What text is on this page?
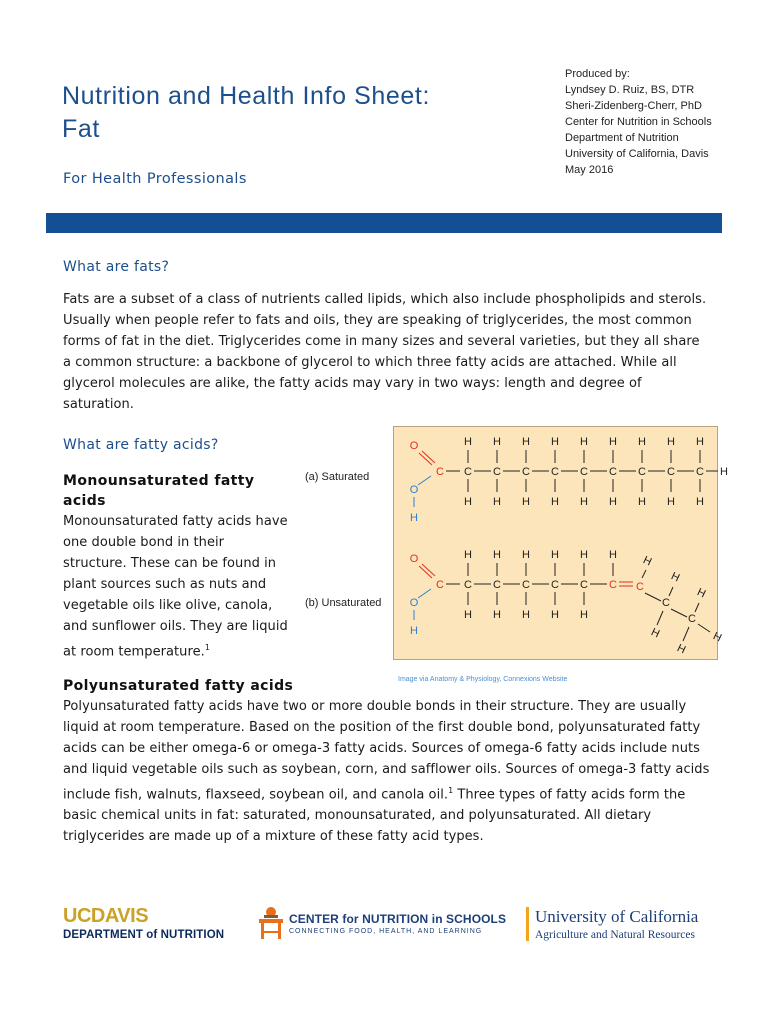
Nutrition and Health Info Sheet:
Fat
For Health Professionals
Produced by:
Lyndsey D. Ruiz, BS, DTR
Sheri-Zidenberg-Cherr, PhD
Center for Nutrition in Schools
Department of Nutrition
University of California, Davis
May 2016
What are fats?
Fats are a subset of a class of nutrients called lipids, which also include phospholipids and sterols. Usually when people refer to fats and oils, they are speaking of triglycerides, the most common forms of fat in the diet. Triglycerides come in many sizes and several varieties, but they all share a common structure: a backbone of glycerol to which three fatty acids are attached. While all glycerol molecules are alike, the fatty acids may vary in two ways: length and degree of saturation.
What are fatty acids?
Monounsaturated fatty acids
Monounsaturated fatty acids have one double bond in their structure. These can be found in plant sources such as nuts and vegetable oils like olive, canola, and sunflower oils. They are liquid at room temperature.$^1$
(a) Saturated
(b) Unsaturated
O
C
O
H
C
H
H
C
H
H
C
H
H
C
H
H
C
H
H
C
H
H
C
H
H
C
H
H
C
H
H
H
O
C
O
H
C
H
H
C
H
H
C
H
H
C
H
H
C
H
H
C
H
C
H
C
H
H
C
H
H
H
Image via Anatomy & Physiology, Connexions Website
Polyunsaturated fatty acids
Polyunsaturated fatty acids have two or more double bonds in their structure. They are usually liquid at room temperature. Based on the position of the first double bond, polyunsaturated fatty acids can be either omega-6 or omega-3 fatty acids. Sources of omega-6 fatty acids include nuts and liquid vegetable oils such as soybean, corn, and safflower oils. Sources of omega-3 fatty acids include fish, walnuts, flaxseed, soybean oil, and canola oil.$^1$ Three types of fatty acids form the basic chemical units in fat: saturated, monounsaturated, and polyunsaturated. All dietary triglycerides are made up of a mixture of these fatty acid types.
UCDAVIS
DEPARTMENT of NUTRITION
CENTER for NUTRITION in SCHOOLS
CONNECTING FOOD, HEALTH, AND LEARNING
University of California
Agriculture and Natural Resources
